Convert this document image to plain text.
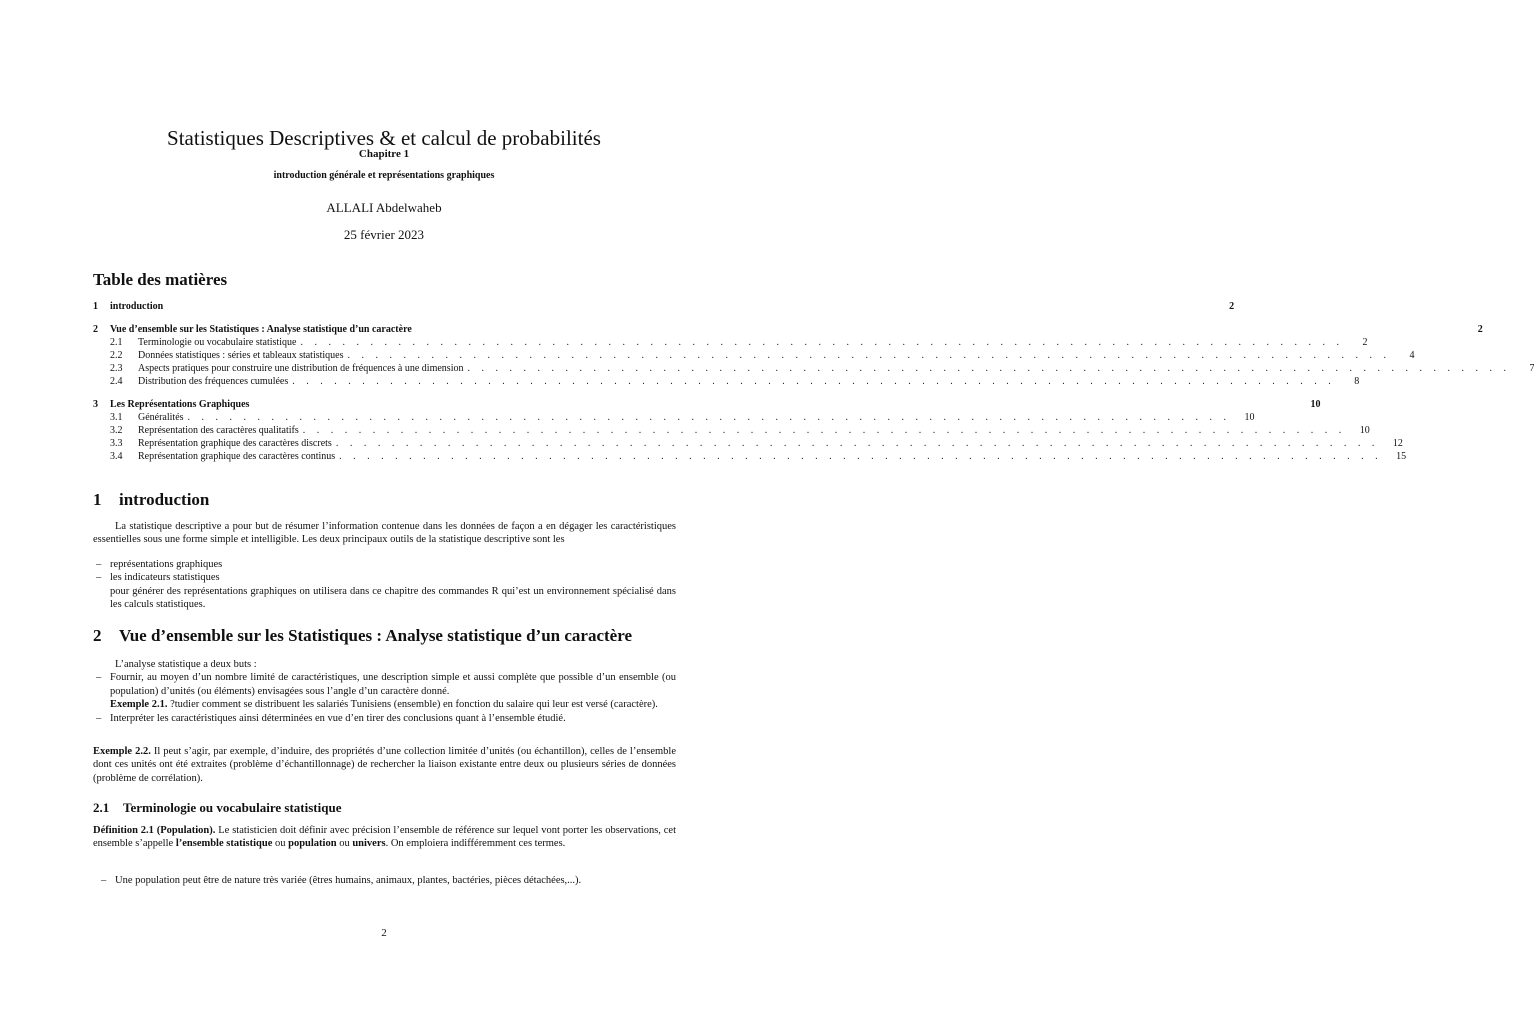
Statistiques Descriptives & et calcul de probabilités
Chapitre 1
introduction générale et représentations graphiques
ALLALI Abdelwaheb
25 février 2023
Table des matières
1	introduction	2
2	Vue d’ensemble sur les Statistiques : Analyse statistique d’un caractère	2
2.1	Terminologie ou vocabulaire statistique . . . . . . . . . . . . . . . . . . . . . . . . . . . . . . . . . . . . . . . . . . . . . . . . . . . . . . . . . . . . . . . . . . . . . . . . . . .	2
2.2	Données statistiques : séries et tableaux statistiques . . . . . . . . . . . . . . . . . . . . . . . . . . . . . . . . . . . . . . . . . . . . . . . . . . . . . . . . . . . . . . . . . . . . . . . . . . .	4
2.3	Aspects pratiques pour construire une distribution de fréquences à une dimension . . . . . . . . . . . . . . . . . . . . . . . . . . . . . . . . . . . . . . . . . . . . . . . . . . . . . . . . . . . . . . . . . . . . . . . . . . .	7
2.4	Distribution des fréquences cumulées . . . . . . . . . . . . . . . . . . . . . . . . . . . . . . . . . . . . . . . . . . . . . . . . . . . . . . . . . . . . . . . . . . . . . . . . . . .	8
3	Les Représentations Graphiques	10
3.1	Généralités . . . . . . . . . . . . . . . . . . . . . . . . . . . . . . . . . . . . . . . . . . . . . . . . . . . . . . . . . . . . . . . . . . . . . . . . . . .	10
3.2	Représentation des caractères qualitatifs . . . . . . . . . . . . . . . . . . . . . . . . . . . . . . . . . . . . . . . . . . . . . . . . . . . . . . . . . . . . . . . . . . . . . . . . . . .	10
3.3	Représentation graphique des caractères discrets . . . . . . . . . . . . . . . . . . . . . . . . . . . . . . . . . . . . . . . . . . . . . . . . . . . . . . . . . . . . . . . . . . . . . . . . . . .	12
3.4	Représentation graphique des caractères continus . . . . . . . . . . . . . . . . . . . . . . . . . . . . . . . . . . . . . . . . . . . . . . . . . . . . . . . . . . . . . . . . . . . . . . . . . . .	15
1 introduction
La statistique descriptive a pour but de résumer l’information contenue dans les données de façon a en dégager les caractéristiques essentielles sous une forme simple et intelligible. Les deux principaux outils de la statistique descriptive sont les
– représentations graphiques
– les indicateurs statistiques
pour générer des représentations graphiques on utilisera dans ce chapitre des commandes R qui’est un environnement spécialisé dans les calculs statistiques.
2 Vue d’ensemble sur les Statistiques : Analyse statistique d’un caractère
L’analyse statistique a deux buts :
– Fournir, au moyen d’un nombre limité de caractéristiques, une description simple et aussi complète que possible d’un ensemble (ou population) d’unités (ou éléments) envisagées sous l’angle d’un caractère donné.
Exemple 2.1. ?tudier comment se distribuent les salariés Tunisiens (ensemble) en fonction du salaire qui leur est versé (caractère).
– Interpréter les caractéristiques ainsi déterminées en vue d’en tirer des conclusions quant à l’ensemble étudié.
Exemple 2.2. Il peut s’agir, par exemple, d’induire, des propriétés d’une collection limitée d’unités (ou échantillon), celles de l’ensemble dont ces unités ont été extraites (problème d’échantillonnage) de rechercher la liaison existante entre deux ou plusieurs séries de données (problème de corrélation).
2.1 Terminologie ou vocabulaire statistique
Définition 2.1 (Population). Le statisticien doit définir avec précision l’ensemble de référence sur lequel vont porter les observations, cet ensemble s’appelle l’ensemble statistique ou population ou univers. On emploiera indifféremment ces termes.
– Une population peut être de nature très variée (êtres humains, animaux, plantes, bactéries, pièces détachées,...).
2
